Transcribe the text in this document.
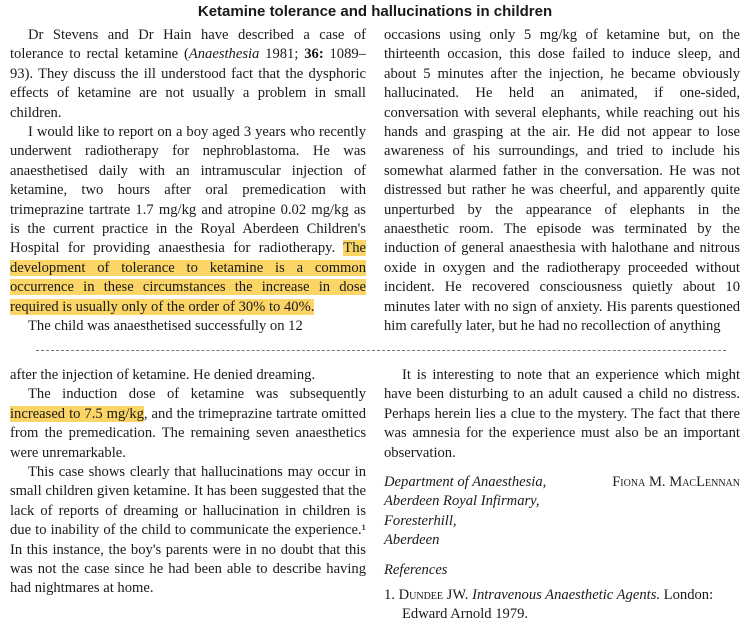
Ketamine tolerance and hallucinations in children

Dr Stevens and Dr Hain have described a case of tolerance to rectal ketamine (Anaesthesia 1981; 36: 1089–93). They discuss the ill understood fact that the dysphoric effects of ketamine are not usually a problem in small children.

I would like to report on a boy aged 3 years who recently underwent radiotherapy for nephroblastoma. He was anaesthetised daily with an intramuscular injection of ketamine, two hours after oral premedication with trimeprazine tartrate 1.7 mg/kg and atropine 0.02 mg/kg as is the current practice in the Royal Aberdeen Children's Hospital for providing anaesthesia for radiotherapy. The development of tolerance to ketamine is a common occurrence in these circumstances the increase in dose required is usually only of the order of 30% to 40%.

The child was anaesthetised successfully on 12

occasions using only 5 mg/kg of ketamine but, on the thirteenth occasion, this dose failed to induce sleep, and about 5 minutes after the injection, he became obviously hallucinated. He held an animated, if one-sided, conversation with several elephants, while reaching out his hands and grasping at the air. He did not appear to lose awareness of his surroundings, and tried to include his somewhat alarmed father in the conversation. He was not distressed but rather he was cheerful, and apparently quite unperturbed by the appearance of elephants in the anaesthetic room. The episode was terminated by the induction of general anaesthesia with halothane and nitrous oxide in oxygen and the radiotherapy proceeded without incident. He recovered consciousness quietly about 10 minutes later with no sign of anxiety. His parents questioned him carefully later, but he had no recollection of anything

after the injection of ketamine. He denied dreaming.

The induction dose of ketamine was subsequently increased to 7.5 mg/kg, and the trimeprazine tartrate omitted from the premedication. The remaining seven anaesthetics were unremarkable.

This case shows clearly that hallucinations may occur in small children given ketamine. It has been suggested that the lack of reports of dreaming or hallucination in children is due to inability of the child to communicate the experience.¹ In this instance, the boy's parents were in no doubt that this was not the case since he had been able to describe having had nightmares at home.

It is interesting to note that an experience which might have been disturbing to an adult caused a child no distress. Perhaps herein lies a clue to the mystery. The fact that there was amnesia for the experience must also be an important observation.

Department of Anaesthesia,	Fiona M. MacLennan
Aberdeen Royal Infirmary,
Foresterhill,
Aberdeen
References
1. Dundee JW. Intravenous Anaesthetic Agents. London: Edward Arnold 1979.
